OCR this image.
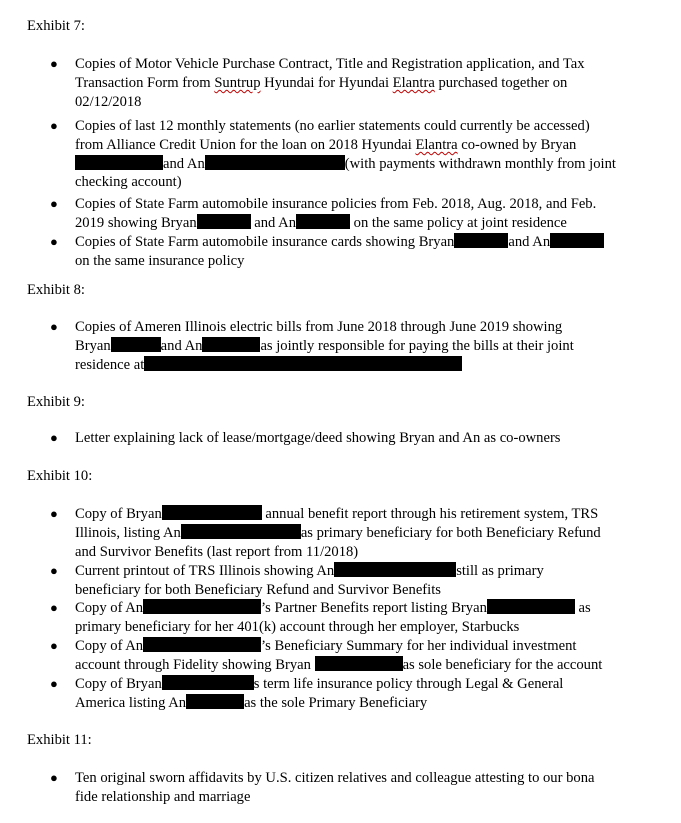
Exhibit 7:

● Copies of Motor Vehicle Purchase Contract, Title and Registration application, and Tax
Transaction Form from Suntrup Hyundai for Hyundai Elantra purchased together on
02/12/2018
● Copies of last 12 monthly statements (no earlier statements could currently be accessed)
from Alliance Credit Union for the loan on 2018 Hyundai Elantra co-owned by Bryan
and An	(with payments withdrawn monthly from joint
checking account)
● Copies of State Farm automobile insurance policies from Feb. 2018, Aug. 2018, and Feb.
2019 showing Bryan	and An	on the same policy at joint residence
● Copies of State Farm automobile insurance cards showing Bryan	and An
on the same insurance policy

Exhibit 8:

● Copies of Ameren Illinois electric bills from June 2018 through June 2019 showing
Bryan	and An	as jointly responsible for paying the bills at their joint
residence at

Exhibit 9:

● Letter explaining lack of lease/mortgage/deed showing Bryan and An as co-owners

Exhibit 10:

● Copy of Bryan	annual benefit report through his retirement system, TRS
Illinois, listing An	as primary beneficiary for both Beneficiary Refund
and Survivor Benefits (last report from 11/2018)
● Current printout of TRS Illinois showing An	still as primary
beneficiary for both Beneficiary Refund and Survivor Benefits
● Copy of An	’s Partner Benefits report listing Bryan	as
primary beneficiary for her 401(k) account through her employer, Starbucks
● Copy of An	’s Beneficiary Summary for her individual investment
account through Fidelity showing Bryan	as sole beneficiary for the account
● Copy of Bryan	s term life insurance policy through Legal & General
America listing An	as the sole Primary Beneficiary

Exhibit 11:

● Ten original sworn affidavits by U.S. citizen relatives and colleague attesting to our bona
fide relationship and marriage
